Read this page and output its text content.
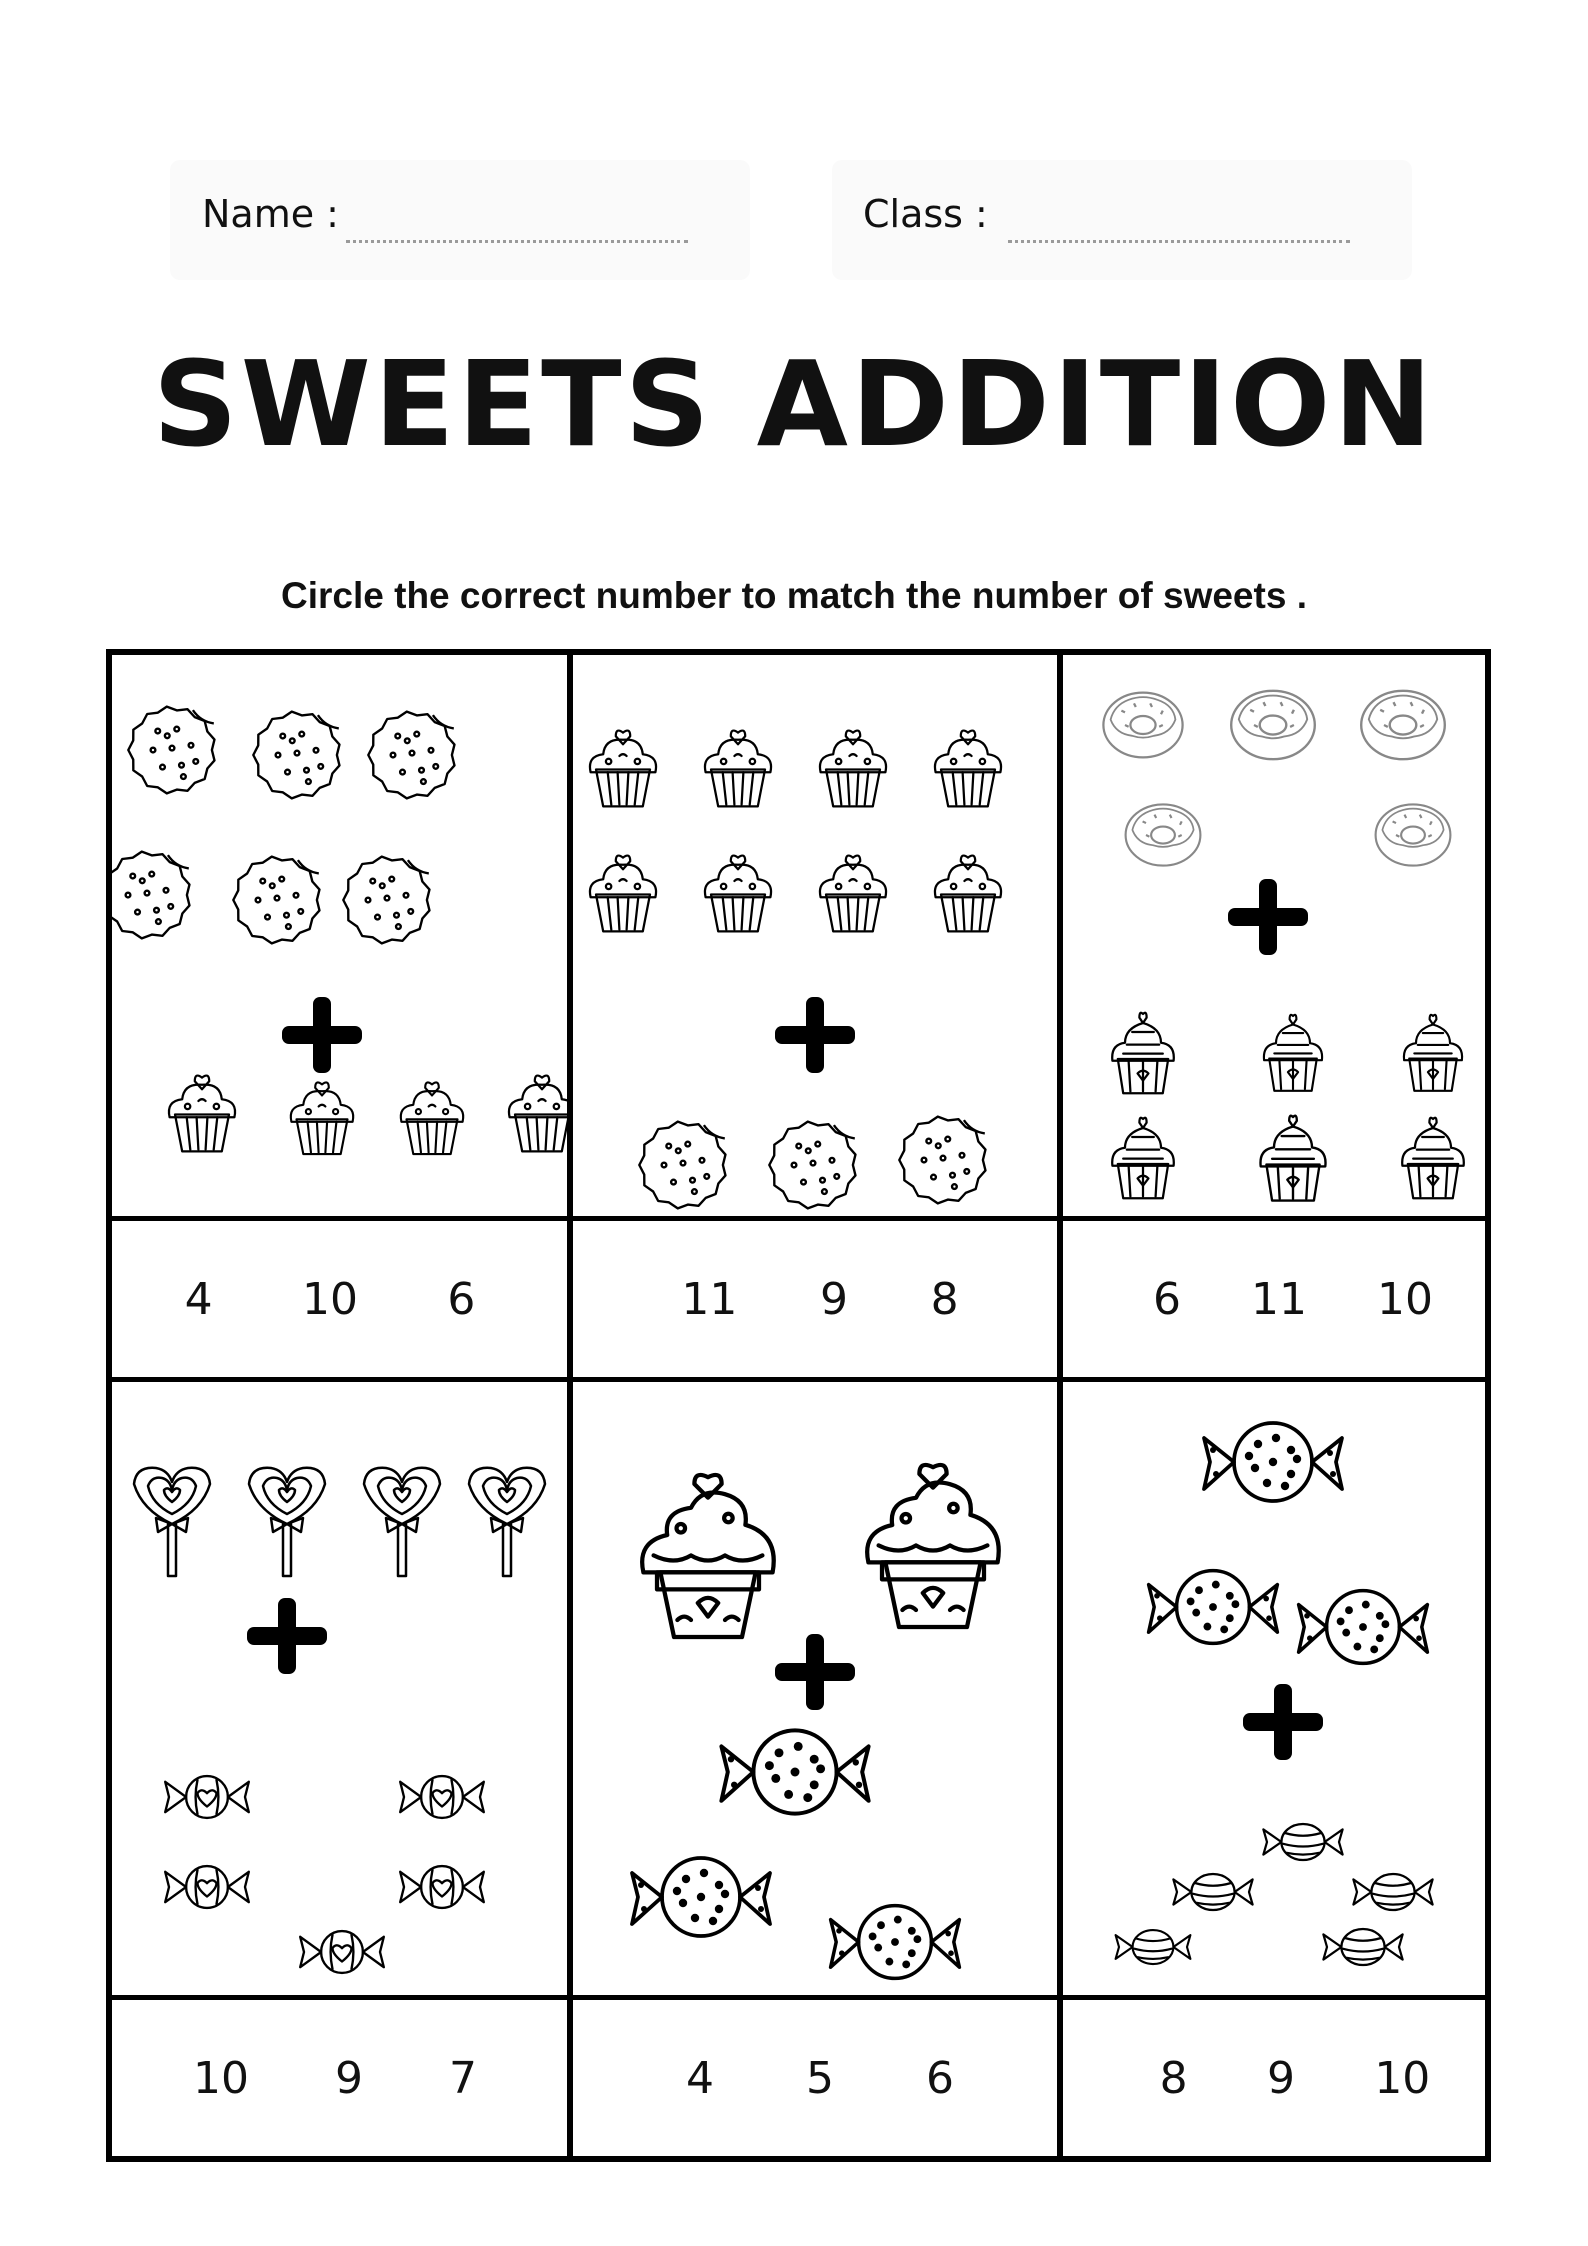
Name :	Class :
SWEETS ADDITION
Circle the correct number to match the number of sweets .
4 10 6	11 9 8	6 11 10
10 9 7	4 5 6	8 9 10
